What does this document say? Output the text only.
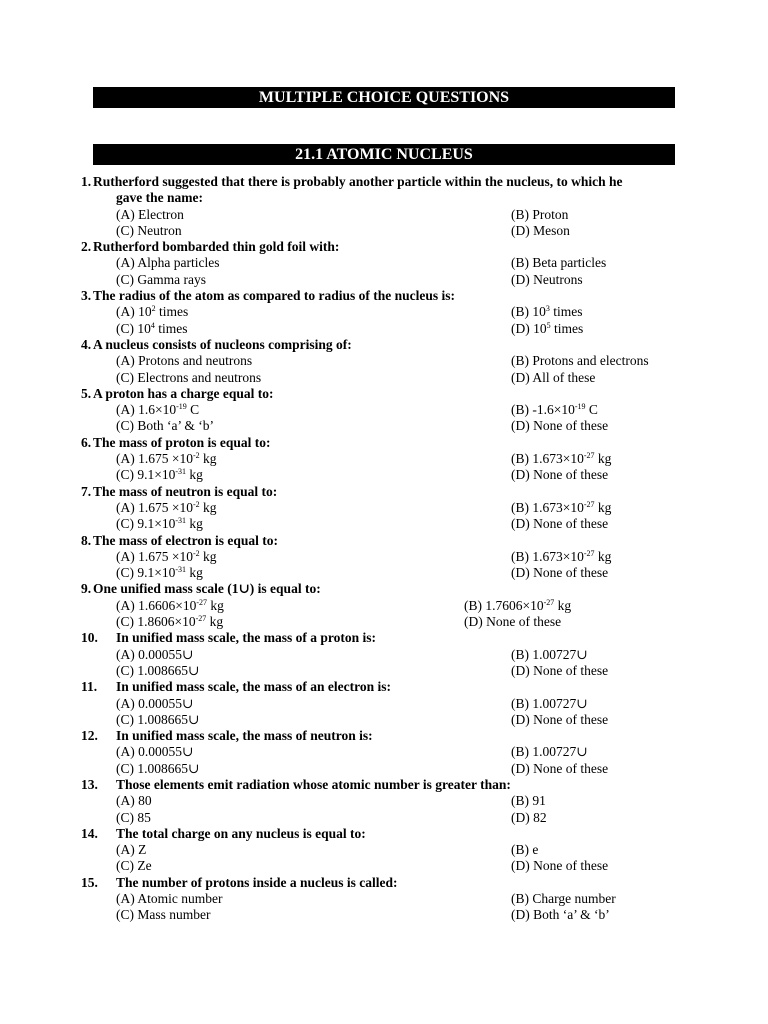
MULTIPLE CHOICE QUESTIONS
21.1 ATOMIC NUCLEUS
1. Rutherford suggested that there is probably another particle within the nucleus, to which he
gave the name:
(A) Electron	(B) Proton
(C) Neutron	(D) Meson
2. Rutherford bombarded thin gold foil with:
(A) Alpha particles	(B) Beta particles
(C) Gamma rays	(D) Neutrons
3. The radius of the atom as compared to radius of the nucleus is:
(A) $10^2$ times	(B) $10^3$ times
(C) $10^4$ times	(D) $10^5$ times
4. A nucleus consists of nucleons comprising of:
(A) Protons and neutrons	(B) Protons and electrons
(C) Electrons and neutrons	(D) All of these
5. A proton has a charge equal to:
(A) $1.6\times 10^{-19}$ C	(B) $-1.6\times 10^{-19}$ C
(C) Both ‘a’ & ‘b’	(D) None of these
6. The mass of proton is equal to:
(A) $1.675 \times 10^{-2}$ kg	(B) $1.673\times 10^{-27}$ kg
(C) $9.1\times 10^{-31}$ kg	(D) None of these
7. The mass of neutron is equal to:
(A) $1.675 \times 10^{-2}$ kg	(B) $1.673\times 10^{-27}$ kg
(C) $9.1\times 10^{-31}$ kg	(D) None of these
8. The mass of electron is equal to:
(A) $1.675 \times 10^{-2}$ kg	(B) $1.673\times 10^{-27}$ kg
(C) $9.1\times 10^{-31}$ kg	(D) None of these
9. One unified mass scale (1∪) is equal to:
(A) $1.6606\times 10^{-27}$ kg	(B) $1.7606\times 10^{-27}$ kg
(C) $1.8606\times 10^{-27}$ kg	(D) None of these
10. In unified mass scale, the mass of a proton is:
(A) 0.00055∪	(B) 1.00727∪
(C) 1.008665∪	(D) None of these
11. In unified mass scale, the mass of an electron is:
(A) 0.00055∪	(B) 1.00727∪
(C) 1.008665∪	(D) None of these
12. In unified mass scale, the mass of neutron is:
(A) 0.00055∪	(B) 1.00727∪
(C) 1.008665∪	(D) None of these
13. Those elements emit radiation whose atomic number is greater than:
(A) 80	(B) 91
(C) 85	(D) 82
14. The total charge on any nucleus is equal to:
(A) Z	(B) e
(C) Ze	(D) None of these
15. The number of protons inside a nucleus is called:
(A) Atomic number	(B) Charge number
(C) Mass number	(D) Both ‘a’ & ‘b’
